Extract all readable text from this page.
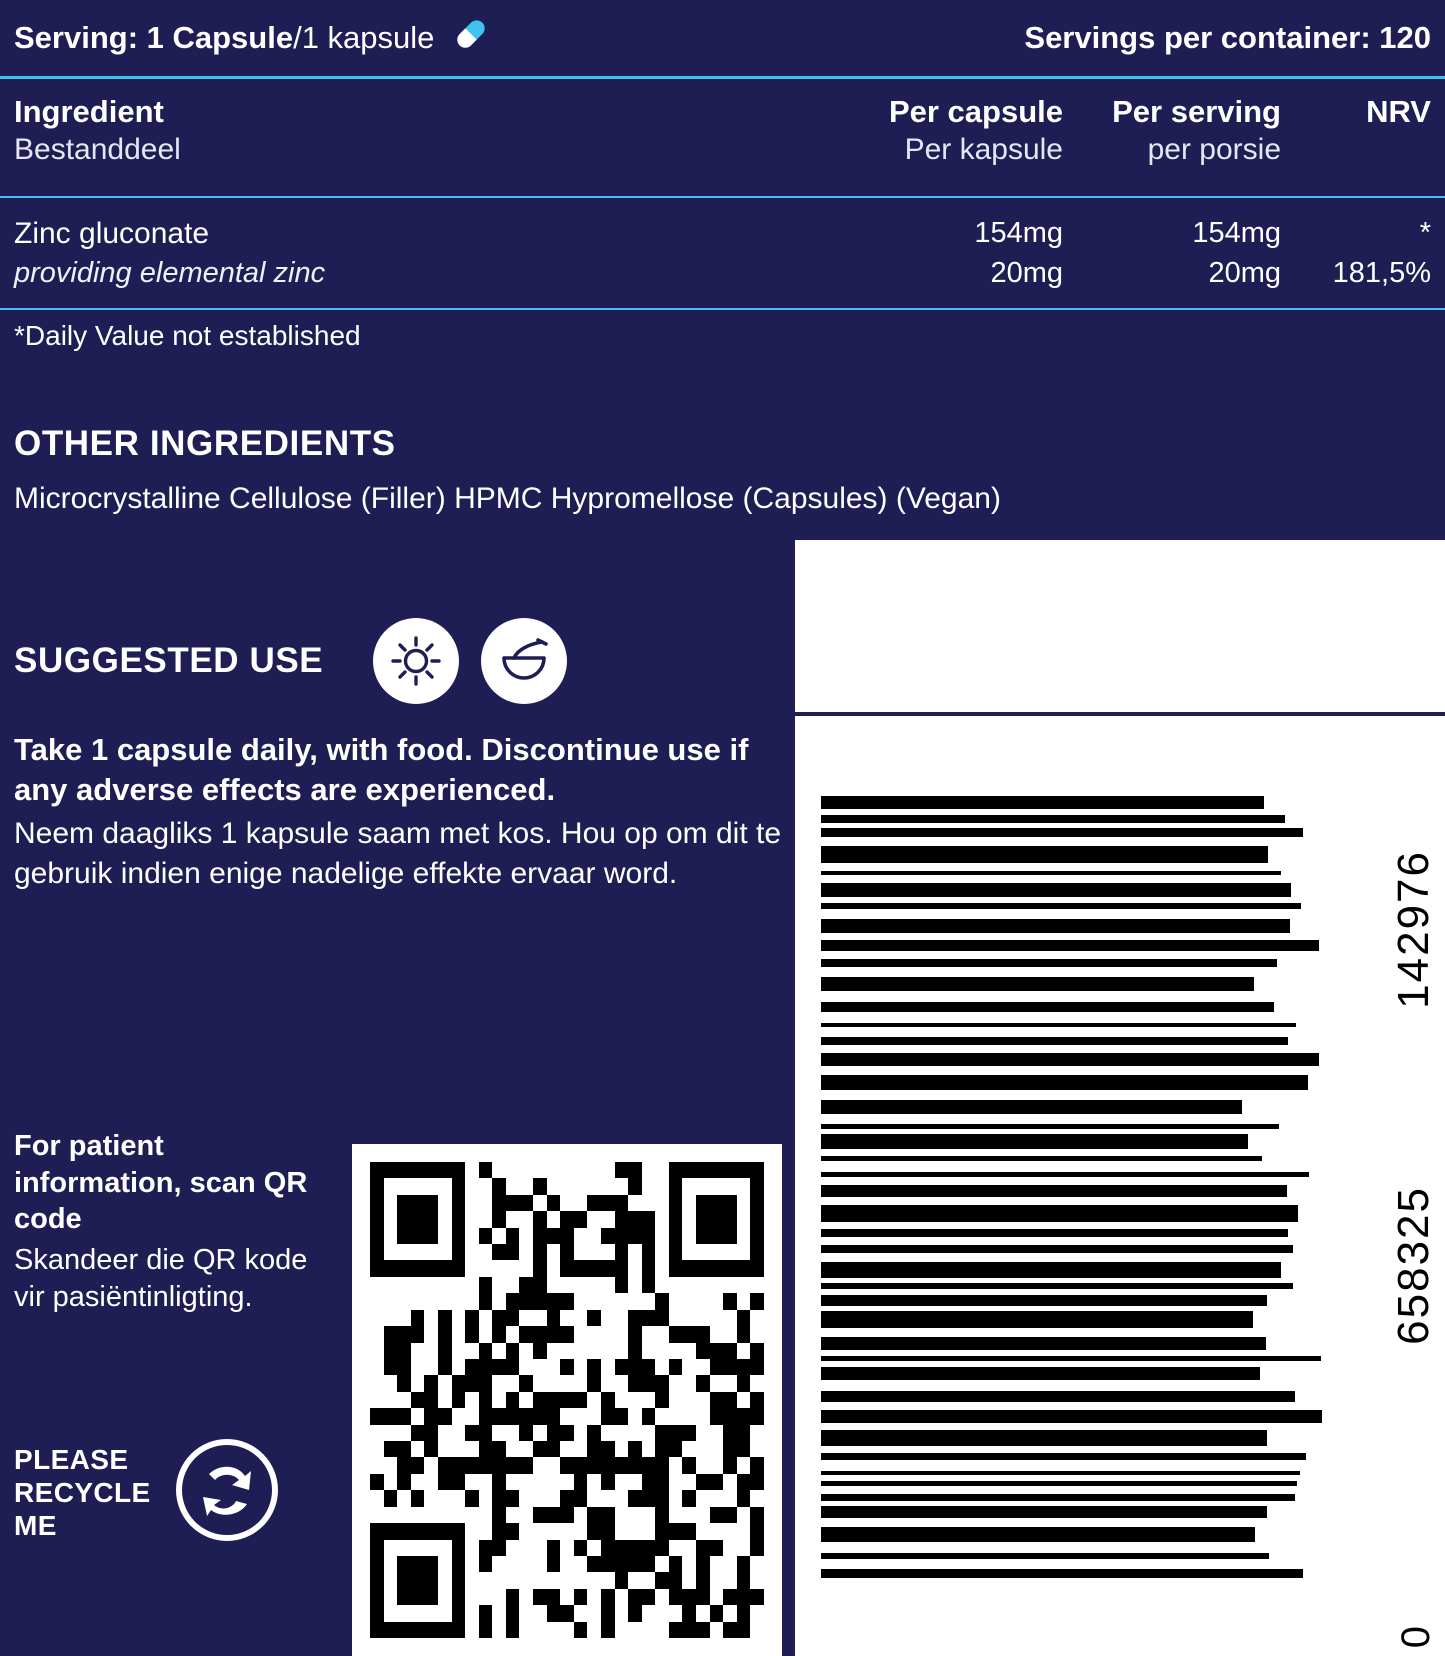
Serving: 1 Capsule/1 kapsule	Servings per container: 120
Ingredient
Bestanddeel
Per capsule
Per kapsule
Per serving
per porsie
NRV
Zinc gluconate
providing elemental zinc
154mg
20mg
154mg
20mg
*
181,5%
*Daily Value not established
OTHER INGREDIENTS
Microcrystalline Cellulose (Filler) HPMC Hypromellose (Capsules) (Vegan)
SUGGESTED USE
Take 1 capsule daily, with food. Discontinue use if any adverse effects are experienced.
Neem daagliks 1 kapsule saam met kos. Hou op om dit te gebruik indien enige nadelige effekte ervaar word.
For patient information, scan QR code
Skandeer die QR kode vir pasiëntinligting.
PLEASE
RECYCLE
ME
142976
658325
0
